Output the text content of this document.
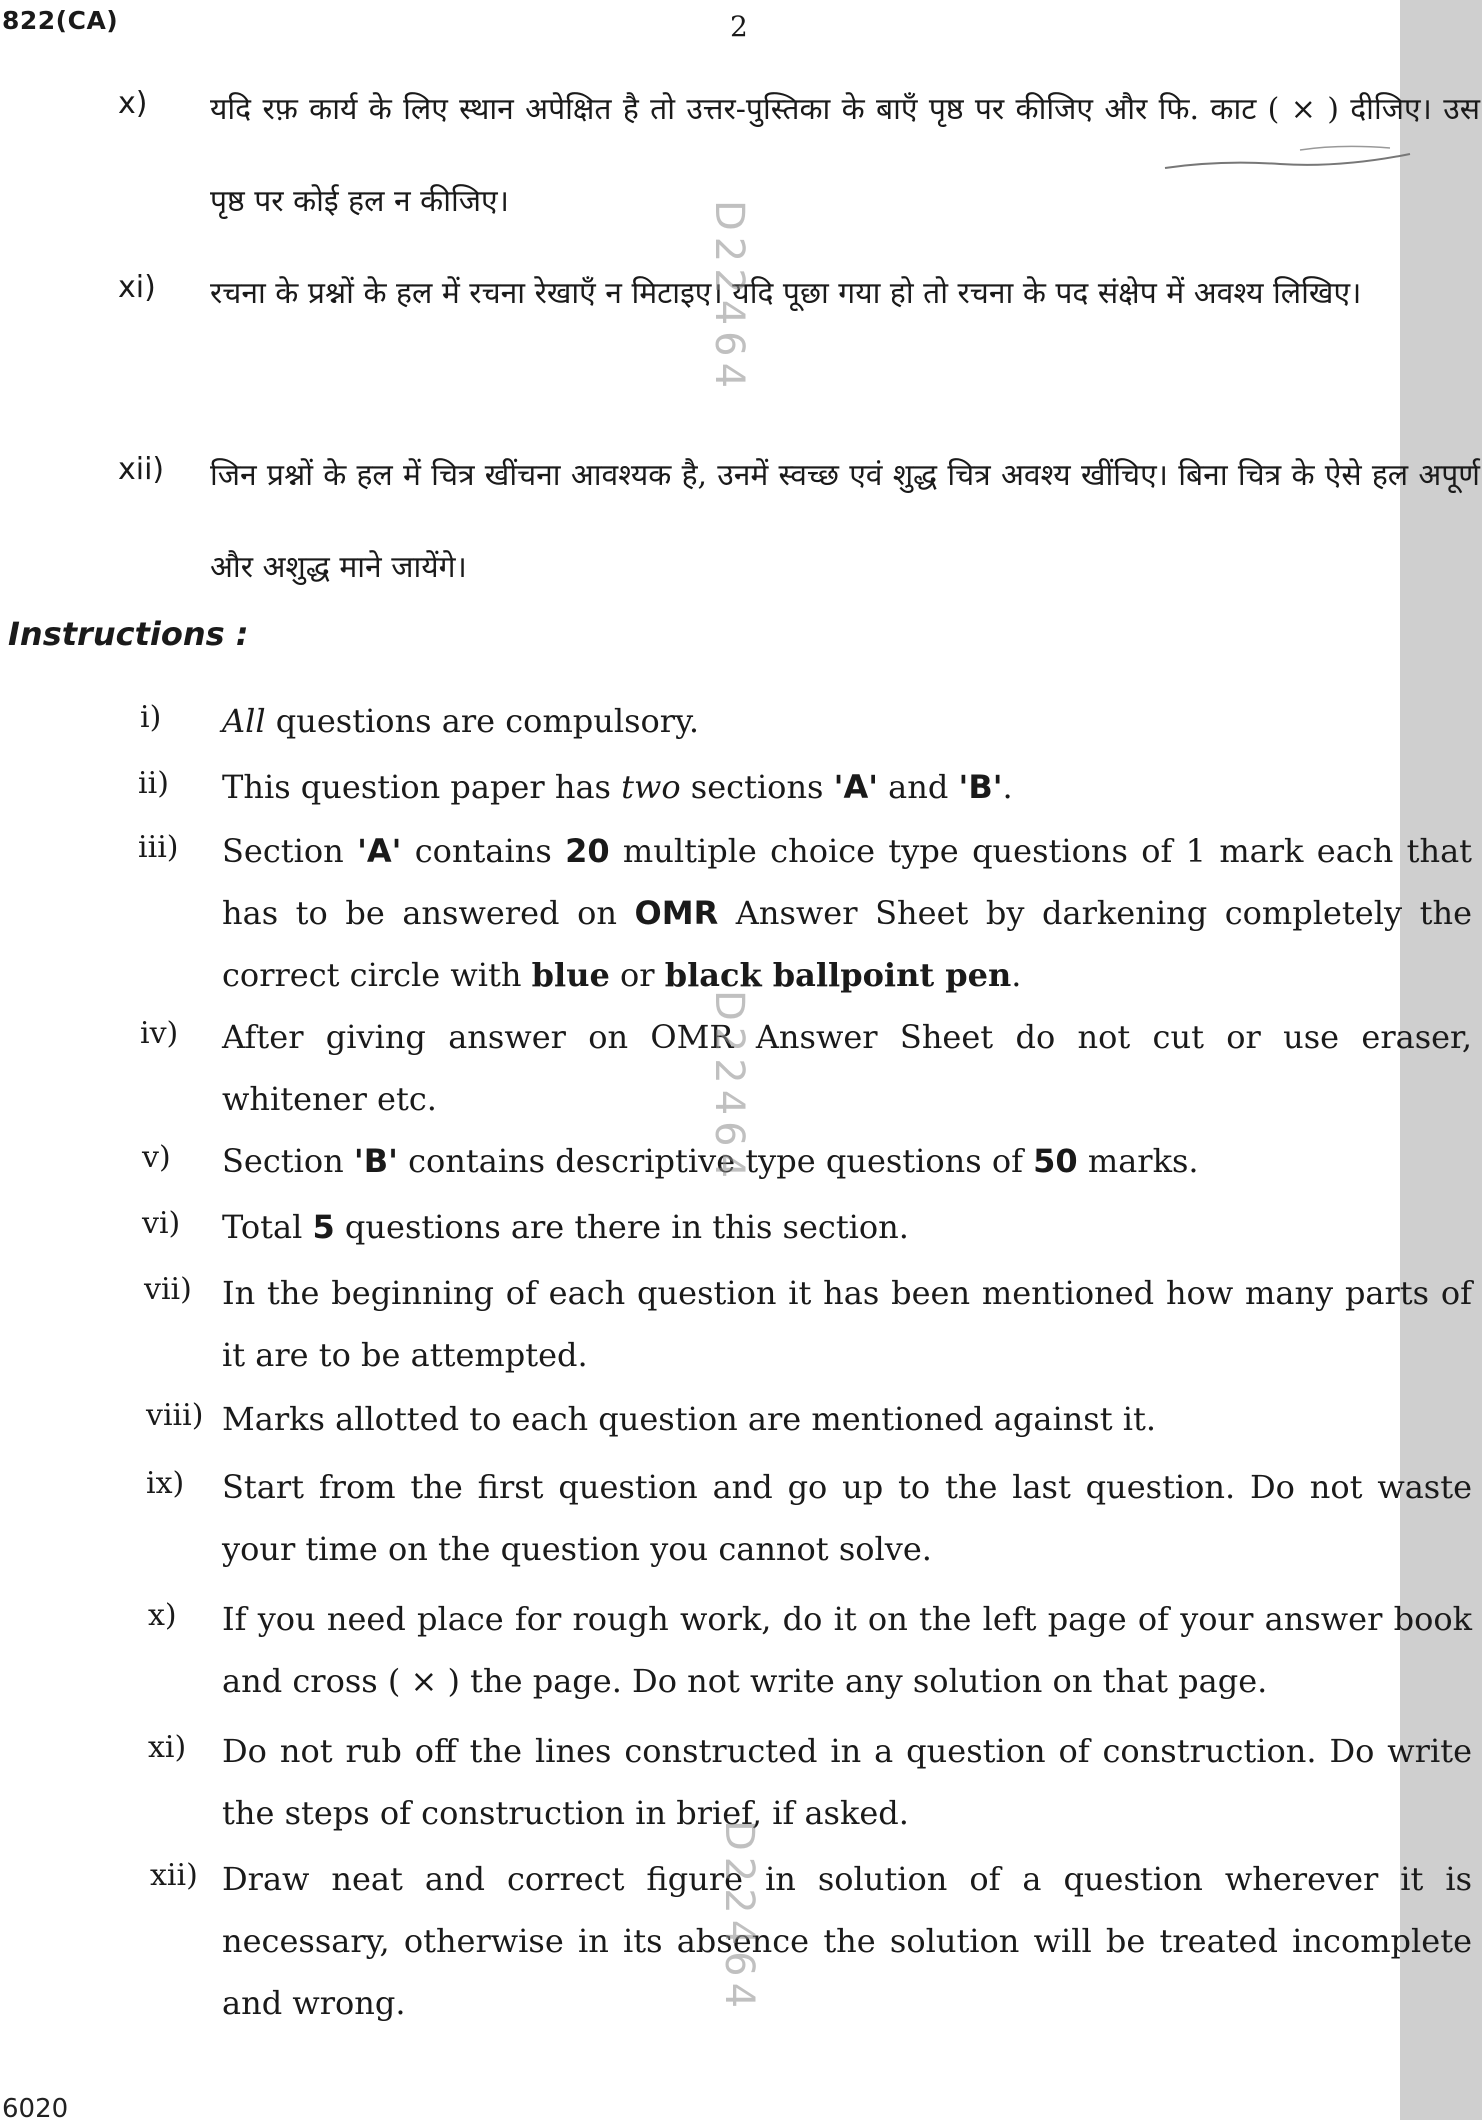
822(CA)	2
x) यदि रफ़ कार्य के लिए स्थान अपेक्षित है तो उत्तर-पुस्तिका के बाएँ पृष्ठ पर कीजिए और फि. काट ( × ) दीजिए। उस पृष्ठ पर कोई हल न कीजिए।
xi) रचना के प्रश्नों के हल में रचना रेखाएँ न मिटाइए। यदि पूछा गया हो तो रचना के पद संक्षेप में अवश्य लिखिए।
xii) जिन प्रश्नों के हल में चित्र खींचना आवश्यक है, उनमें स्वच्छ एवं शुद्ध चित्र अवश्य खींचिए। बिना चित्र के ऐसे हल अपूर्ण और अशुद्ध माने जायेंगे।
Instructions :
i) All questions are compulsory.
ii) This question paper has two sections 'A' and 'B'.
iii) Section 'A' contains 20 multiple choice type questions of 1 mark each that has to be answered on OMR Answer Sheet by darkening completely the correct circle with blue or black ballpoint pen.
iv) After giving answer on OMR Answer Sheet do not cut or use eraser, whitener etc.
v) Section 'B' contains descriptive type questions of 50 marks.
vi) Total 5 questions are there in this section.
vii) In the beginning of each question it has been mentioned how many parts of it are to be attempted.
viii) Marks allotted to each question are mentioned against it.
ix) Start from the first question and go up to the last question. Do not waste your time on the question you cannot solve.
x) If you need place for rough work, do it on the left page of your answer book and cross ( × ) the page. Do not write any solution on that page.
xi) Do not rub off the lines constructed in a question of construction. Do write the steps of construction in brief, if asked.
xii) Draw neat and correct figure in solution of a question wherever it is necessary, otherwise in its absence the solution will be treated incomplete and wrong.
D22464
D22464
D22464
6020
